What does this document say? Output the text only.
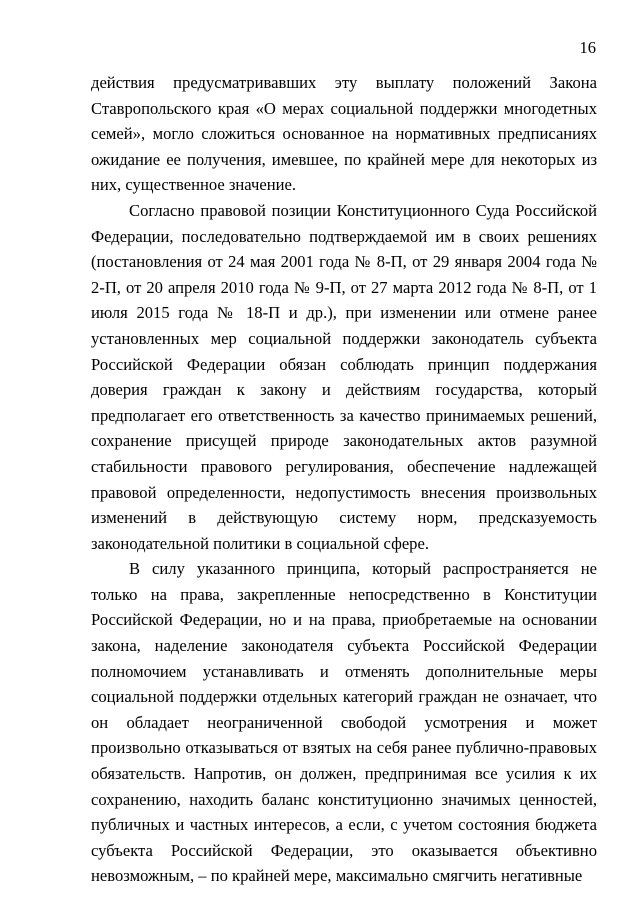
16

действия предусматривавших эту выплату положений Закона Ставропольского края «О мерах социальной поддержки многодетных семей», могло сложиться основанное на нормативных предписаниях ожидание ее получения, имевшее, по крайней мере для некоторых из них, существенное значение.

Согласно правовой позиции Конституционного Суда Российской Федерации, последовательно подтверждаемой им в своих решениях (постановления от 24 мая 2001 года № 8-П, от 29 января 2004 года № 2-П, от 20 апреля 2010 года № 9-П, от 27 марта 2012 года № 8-П, от 1 июля 2015 года № 18-П и др.), при изменении или отмене ранее установленных мер социальной поддержки законодатель субъекта Российской Федерации обязан соблюдать принцип поддержания доверия граждан к закону и действиям государства, который предполагает его ответственность за качество принимаемых решений, сохранение присущей природе законодательных актов разумной стабильности правового регулирования, обеспечение надлежащей правовой определенности, недопустимость внесения произвольных изменений в действующую систему норм, предсказуемость законодательной политики в социальной сфере.

В силу указанного принципа, который распространяется не только на права, закрепленные непосредственно в Конституции Российской Федерации, но и на права, приобретаемые на основании закона, наделение законодателя субъекта Российской Федерации полномочием устанавливать и отменять дополнительные меры социальной поддержки отдельных категорий граждан не означает, что он обладает неограниченной свободой усмотрения и может произвольно отказываться от взятых на себя ранее публично-правовых обязательств. Напротив, он должен, предпринимая все усилия к их сохранению, находить баланс конституционно значимых ценностей, публичных и частных интересов, а если, с учетом состояния бюджета субъекта Российской Федерации, это оказывается объективно невозможным, – по крайней мере, максимально смягчить негативные
